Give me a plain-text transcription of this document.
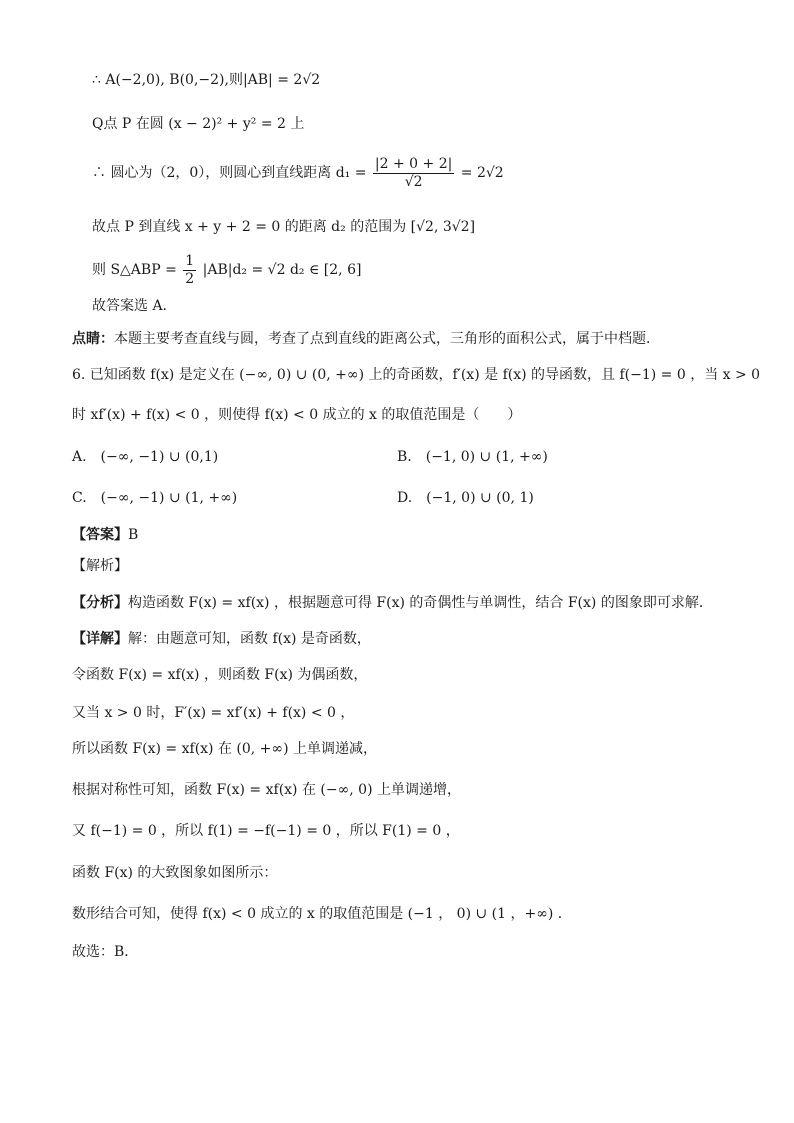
∴ A(−2,0), B(0,−2),则|AB| = 2√2
Q点 P 在圆 (x − 2)² + y² = 2 上
∴ 圆心为（2，0），则圆心到直线距离 $d_1 = \frac{|2 + 0 + 2|}{√2} = 2√2$
故点 P 到直线 x + y + 2 = 0 的距离 d₂ 的范围为 [√2, 3√2]
则 S△ABP = $\frac{1}{2} |AB|d_2 = √2$ d₂ ∈ [2, 6]
故答案选 A.
点睛：本题主要考查直线与圆，考查了点到直线的距离公式，三角形的面积公式，属于中档题．
6. 已知函数 f(x) 是定义在 (−∞, 0) ∪ (0, +∞) 上的奇函数，f′(x) 是 f(x) 的导函数，且 f(−1) = 0 ，当 x > 0
时 xf′(x) + f(x) < 0 ，则使得 f(x) < 0 成立的 x 的取值范围是（　　）
A.　(−∞, −1) ∪ (0,1)	B.　(−1, 0) ∪ (1, +∞)
C.　(−∞, −1) ∪ (1, +∞)	D.　(−1, 0) ∪ (0, 1)
【答案】B
【解析】
【分析】构造函数 F(x) = xf(x) ，根据题意可得 F(x) 的奇偶性与单调性，结合 F(x) 的图象即可求解．
【详解】解：由题意可知，函数 f(x) 是奇函数，
令函数 F(x) = xf(x) ，则函数 F(x) 为偶函数，
又当 x > 0 时，F′(x) = xf′(x) + f(x) < 0 ，
所以函数 F(x) = xf(x) 在 (0, +∞) 上单调递减，
根据对称性可知，函数 F(x) = xf(x) 在 (−∞, 0) 上单调递增，
又 f(−1) = 0 ，所以 f(1) = −f(−1) = 0 ，所以 F(1) = 0 ，
函数 F(x) 的大致图象如图所示：
数形结合可知，使得 f(x) < 0 成立的 x 的取值范围是 (−1 ， 0) ∪ (1 ，+∞) ．
故选：B．
